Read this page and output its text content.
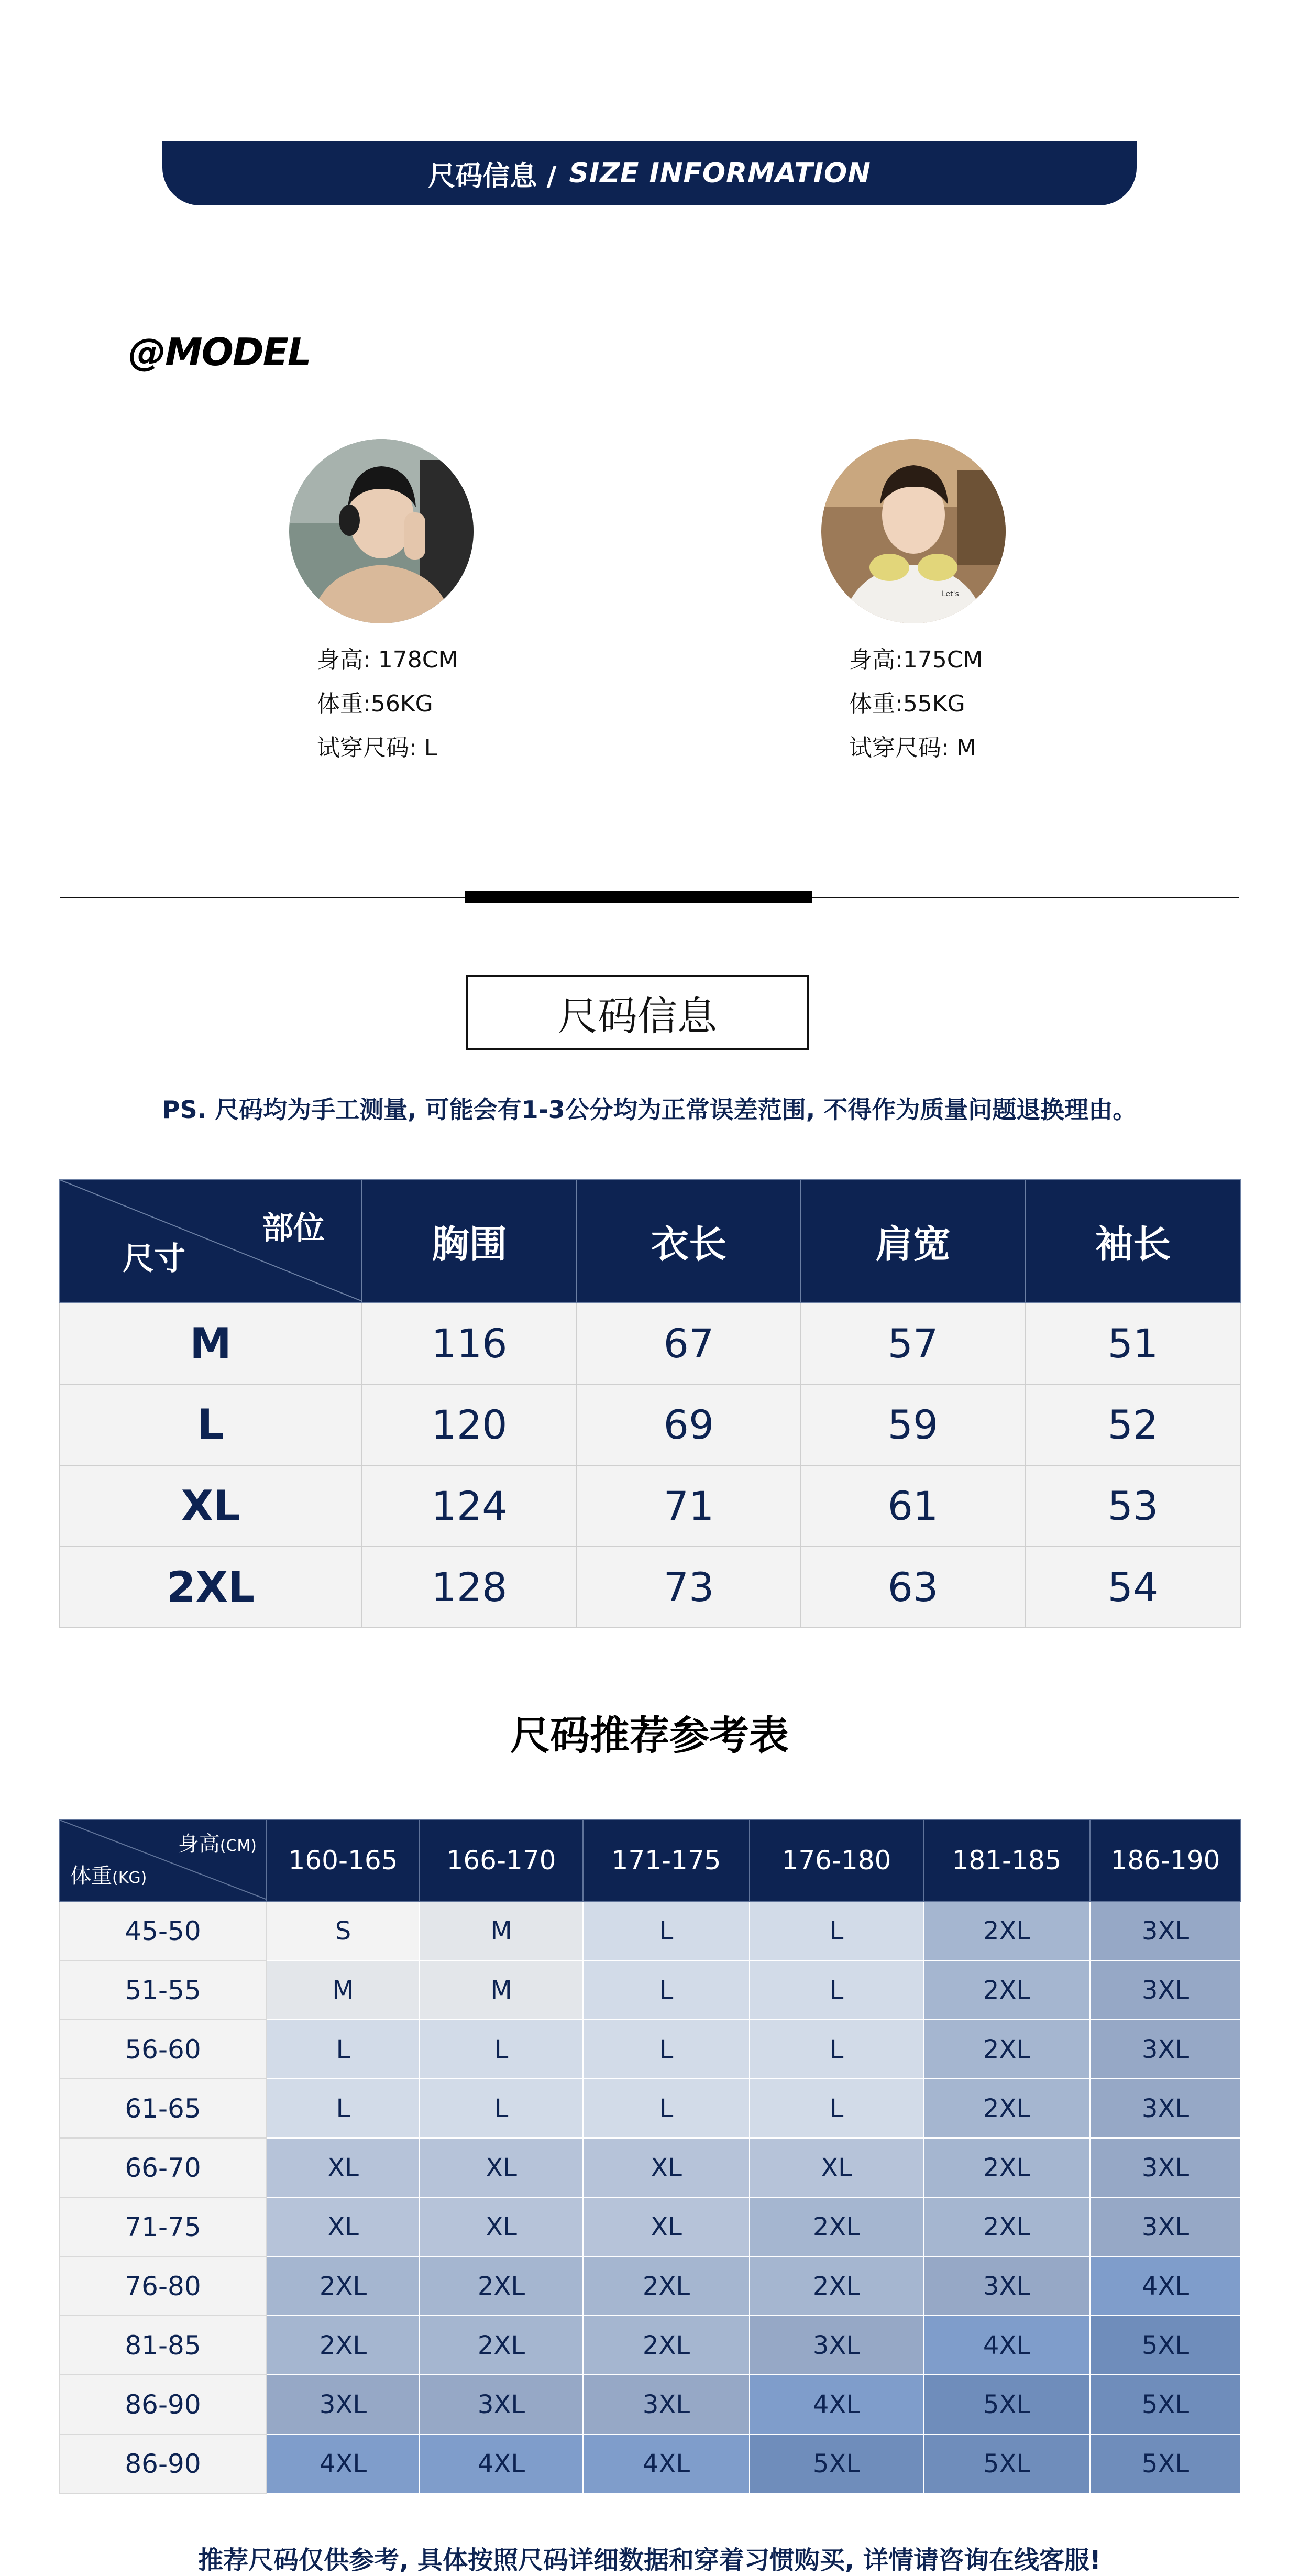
尺码信息 / SIZE INFORMATION
@MODEL
身高: 178CM
体重:56KG
试穿尺码: L
Let's
身高:175CM
体重:55KG
试穿尺码: M
尺码信息
PS. 尺码均为手工测量, 可能会有1-3公分均为正常误差范围, 不得作为质量问题退换理由。
部位
尺寸	胸围	衣长	肩宽	袖长
M	116	67	57	51
L	120	69	59	52
XL	124	71	61	53
2XL	128	73	63	54
尺码推荐参考表
身高(CM)
体重(KG)	160-165	166-170	171-175	176-180	181-185	186-190
45-50	S	M	L	L	2XL	3XL
51-55	M	M	L	L	2XL	3XL
56-60	L	L	L	L	2XL	3XL
61-65	L	L	L	L	2XL	3XL
66-70	XL	XL	XL	XL	2XL	3XL
71-75	XL	XL	XL	2XL	2XL	3XL
76-80	2XL	2XL	2XL	2XL	3XL	4XL
81-85	2XL	2XL	2XL	3XL	4XL	5XL
86-90	3XL	3XL	3XL	4XL	5XL	5XL
86-90	4XL	4XL	4XL	5XL	5XL	5XL
推荐尺码仅供参考, 具体按照尺码详细数据和穿着习惯购买, 详情请咨询在线客服!
